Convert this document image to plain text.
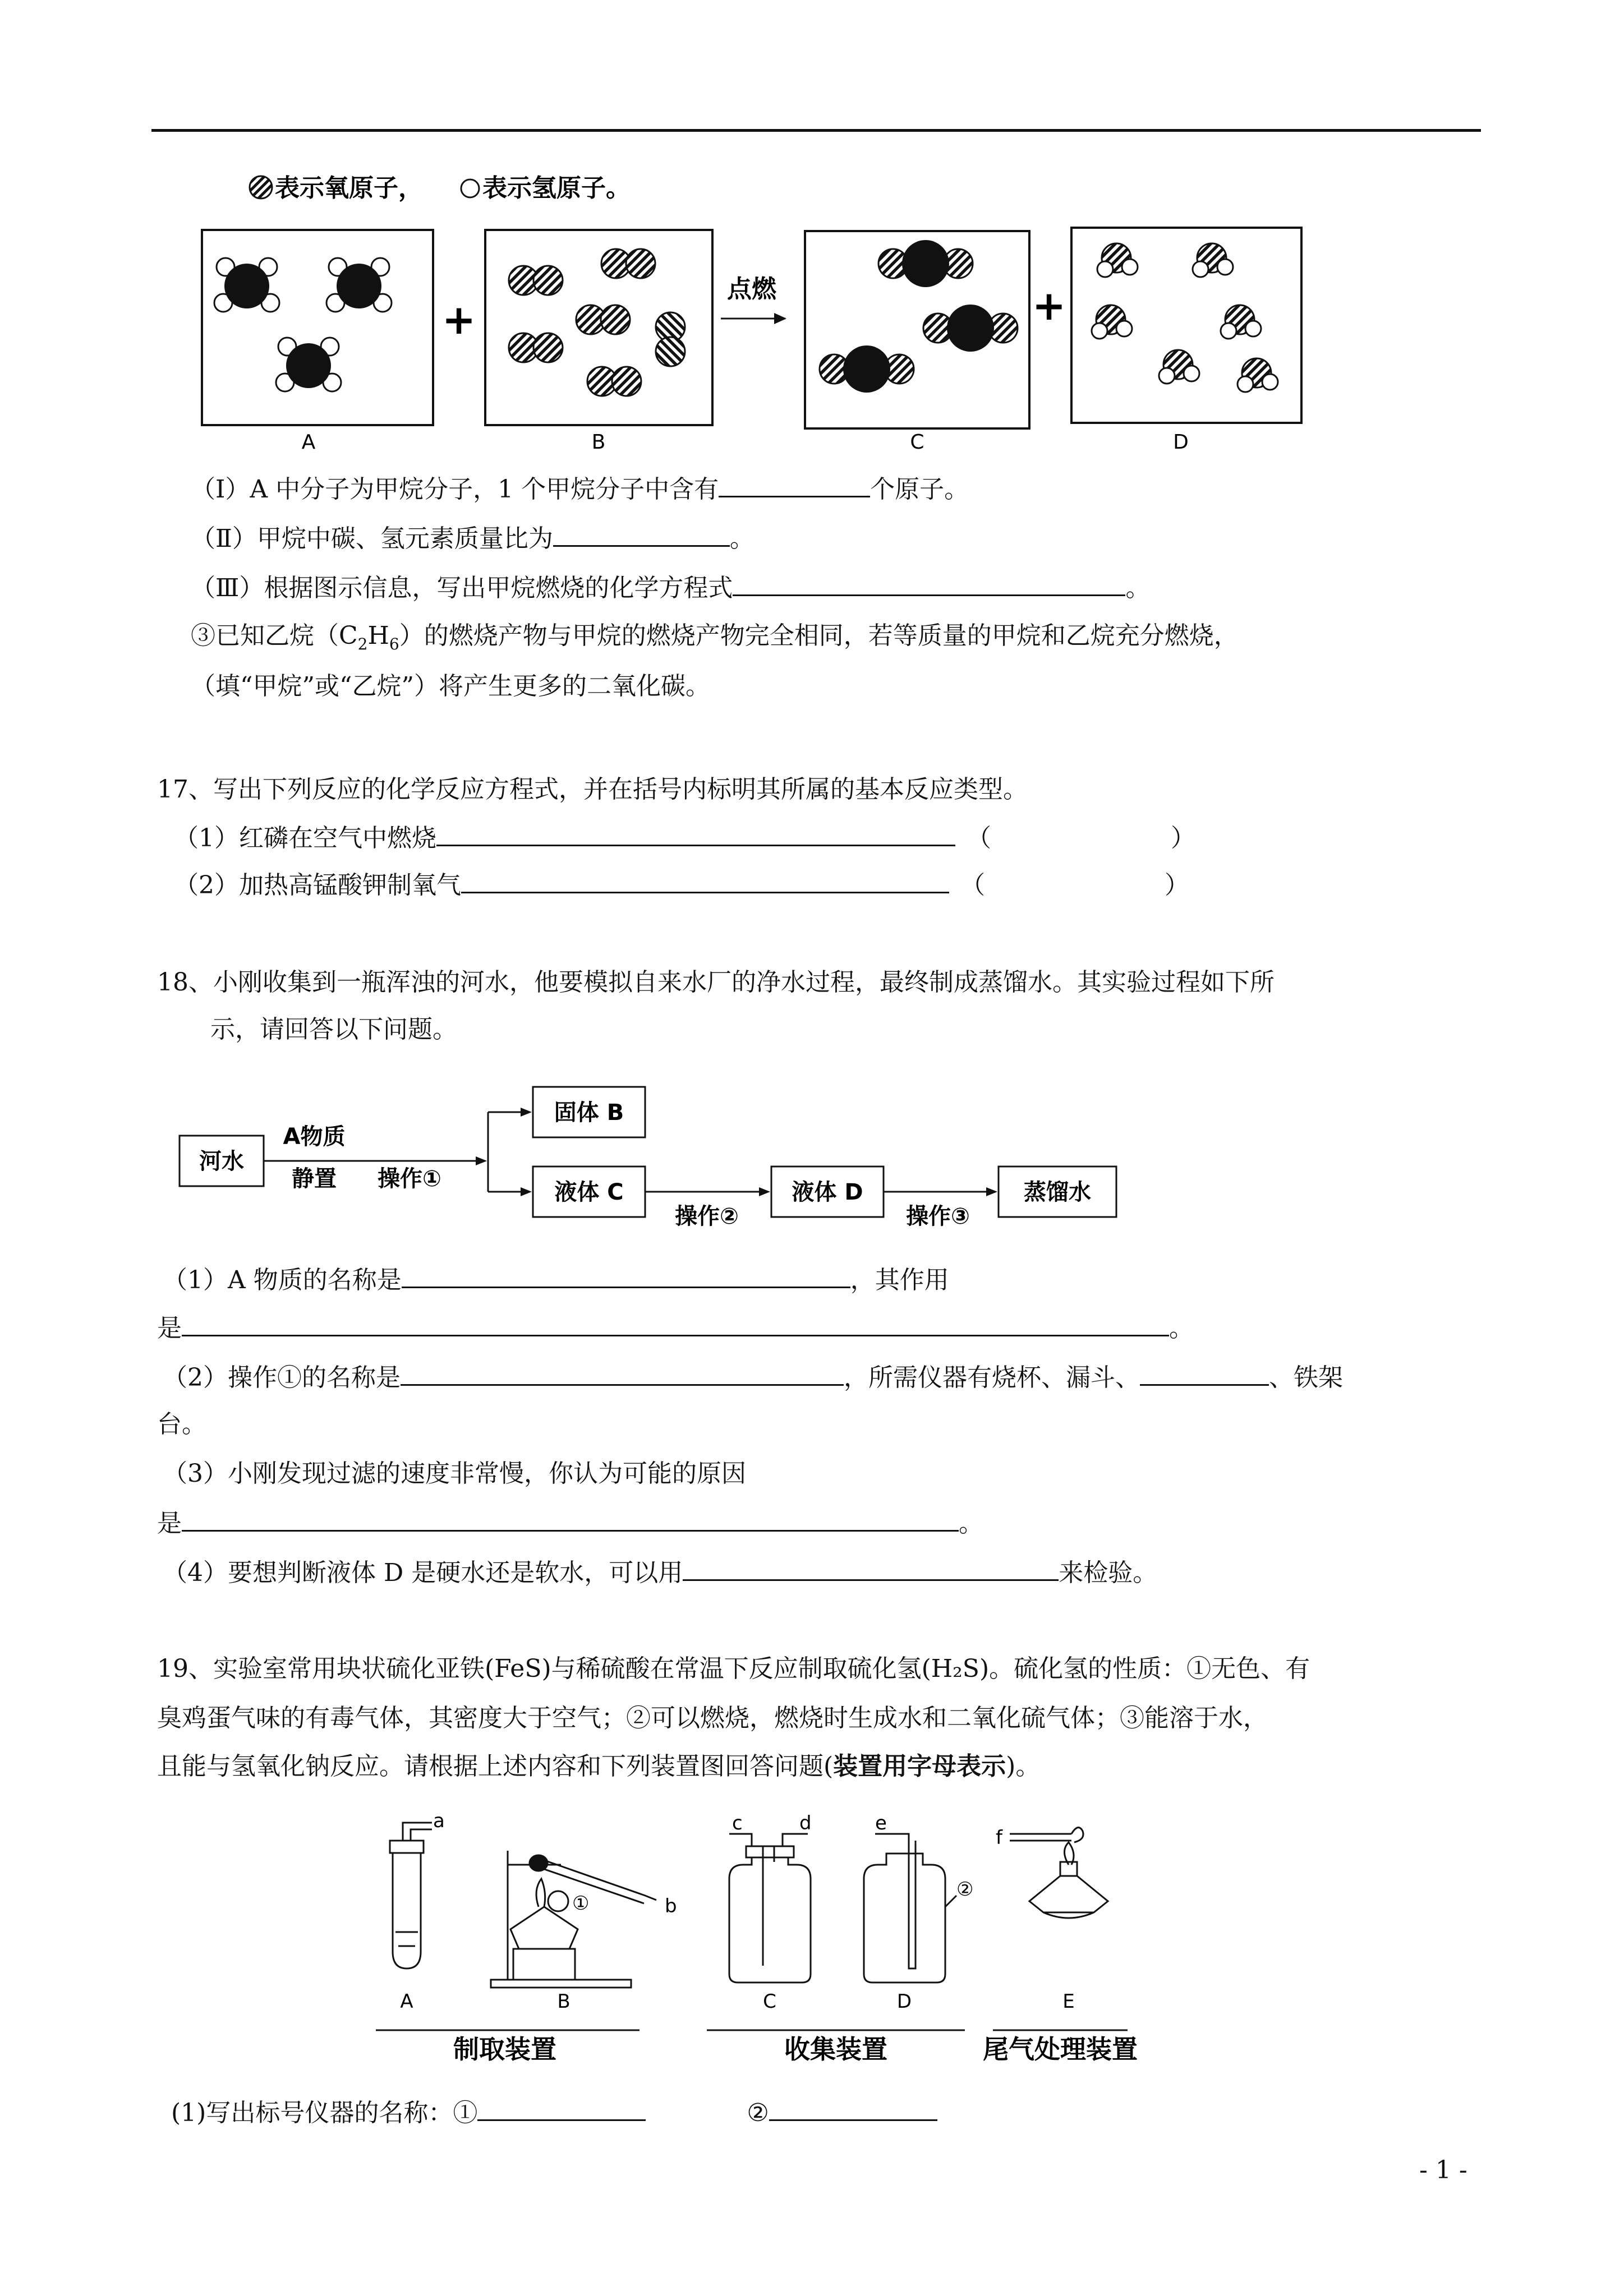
表示氧原子， 表示氢原子。
A
+
B
点燃
C
+
D
（Ⅰ）A 中分子为甲烷分子，1 个甲烷分子中含有	个原子。
（Ⅱ）甲烷中碳、氢元素质量比为	。
（Ⅲ）根据图示信息，写出甲烷燃烧的化学方程式	。
③已知乙烷$(C_2H_6)$的燃烧产物与甲烷的燃烧产物完全相同，若等质量的甲烷和乙烷充分燃烧，
（填“甲烷”或“乙烷”）将产生更多的二氧化碳。
17、写出下列反应的化学反应方程式，并在括号内标明其所属的基本反应类型。
（1）红磷在空气中燃烧	（	）
（2）加热高锰酸钾制氧气	（	）
18、小刚收集到一瓶浑浊的河水，他要模拟自来水厂的净水过程，最终制成蒸馏水。其实验过程如下所
示，请回答以下问题。
河水
A物质
静置 操作①
固体 B
液体 C
操作②
液体 D
操作③
蒸馏水
（1）A 物质的名称是	，其作用
是	。
（2）操作①的名称是	，所需仪器有烧杯、漏斗、	、铁架
台。
（3）小刚发现过滤的速度非常慢，你认为可能的原因
是	。
（4）要想判断液体 D 是硬水还是软水，可以用	来检验。
19、实验室常用块状硫化亚铁(FeS)与稀硫酸在常温下反应制取硫化氢(H₂S)。硫化氢的性质：①无色、有
臭鸡蛋气味的有毒气体，其密度大于空气；②可以燃烧，燃烧时生成水和二氧化硫气体；③能溶于水，
且能与氢氧化钠反应。请根据上述内容和下列装置图回答问题(装置用字母表示)。
a
b
c	d	e
f
①
②
A	B	C	D	E
制取装置	收集装置	尾气处理装置
(1)写出标号仪器的名称：①	②
- 1 -
